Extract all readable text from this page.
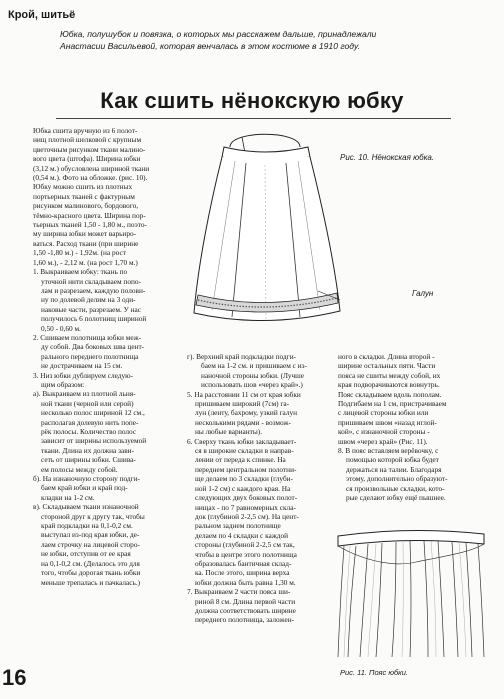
Крой, шитьё
Юбка, полушубок и повязка, о которых мы расскажем дальше, принадлежали
Анастасии Васильевой, которая венчалась в этом костюме в 1910 году.
Как сшить нёнокскую юбку

Юбка сшита вручную из 6 полот-

нищ плотной шелковой с крупным

цветочным рисунком ткани малино-

вого цвета (штофа). Ширина юбки

(3,12 м.) обусловлена шириной ткани

(0,54 м.). Фото на обложке. (рис. 10).

Юбку можно сшить из плотных

портьерных тканей с фактурным

рисунком малинового, бордового,

тёмно-красного цвета. Ширина пор-

тьерных тканей 1,50 - 1,80 м., поэто-

му ширина юбки может варьиро-

ваться. Расход ткани (при ширине

1,50 -1,80 м.) - 1,92м. (на рост

1,60 м.), - 2,12 м. (на рост 1,70 м.)

1. Выкраиваем юбку: ткань по

уточной нити складываем попо-

лам и разрезаем, каждую полови-

ну по долевой делим на 3 оди-

наковые части, разрезаем. У нас

получилось 6 полотнищ шириной

0,50 - 0,60 м.

2. Сшиваем полотнища юбки меж-

ду собой. Два боковых шва цент-

рального переднего полотнища

не дострачиваем на 15 см.

3. Низ юбки дублируем следую-

щим образом:

а). Выкраиваем из плотной льня-

ной ткани (черной или серой)

несколько полос шириной 12 см.,

располагая долевую нить попе-

рёк полосы. Количество полос

зависит от ширины используемой

ткани. Длина их должна зави-

сеть от ширины юбки. Сшива-

ем полосы между собой.

б). На изнаночную сторону подги-

баем край юбки и край под-

кладки на 1-2 см.

в). Складываем ткани изнаночной

стороной друг к другу так, чтобы

край подкладки на 0,1-0,2 см.

выступал из-под края юбки, де-

лаем строчку на лицевой сторо-

не юбки, отступив от ее края

на 0,1-0,2 см. (Делалось это для

того, чтобы дорогая ткань юбки

меньше трепалась и пачкалась.)

г). Верхний край подкладки подги-

баем на 1-2 см. и пришиваем с из-

наночной стороны юбки. (Лучше

использовать шов «через край».)

5. На расстоянии 11 см от края юбки

пришиваем широкий (7см) га-

лун (ленту, бахрому, узкий галун

несколькими рядами - возмож-

ны любые варианты).

6. Сверху ткань юбки закладывает-

ся в широкие складки в направ-

лении от переда к спинке. На

переднем центральном полотни-

ще делаем по 3 складки (глуби-

ной 1-2 см) с каждого края. На

следующих двух боковых полот-

нищах - по 7 равномерных скла-

док (глубиной 2-2,5 см). На цент-

ральном заднем полотнище

делаем по 4 складки с каждой

стороны (глубиной 2-2,5 см так,

чтобы в центре этого полотнища

образовалась бантичная склад-

ка. После этого, ширина верха

юбки должна быть равна 1,30 м.

7. Выкраиваем 2 части пояса ши-

риной 8 см. Длина первой части

должна соответствовать ширине

переднего полотнища, заложен-

ного в складки. Длина второй -

ширине остальных пяти. Части

пояса не сшиты между собой, их

края подворачиваются вовнутрь.

Пояс складываем вдоль пополам.

Подгибаем на 1 см, пристрачиваем

с лицевой стороны юбки или

пришиваем швом «назад иглой-

кой», с изнаночной стороны -

швом «через край» (Рис. 11).

8. В пояс вставляем верёвочку, с

помощью которой юбка будет

держаться на талии. Благодаря

этому, дополнительно образуют-

ся произвольные складки, кото-

рые сделают юбку ещё пышнее.

Рис. 10. Нёнокская юбка.
Галун
Рис. 11. Пояс юбки.
16
